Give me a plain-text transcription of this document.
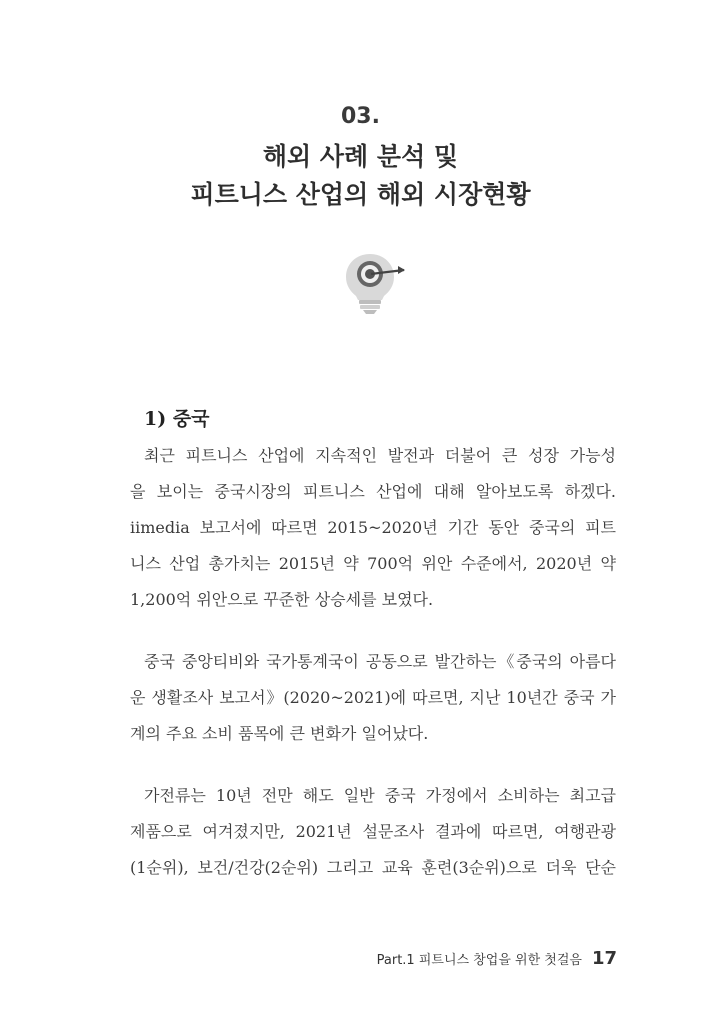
03.
해외 사례 분석 및
피트니스 산업의 해외 시장현황
1) 중국
최근 피트니스 산업에 지속적인 발전과 더불어 큰 성장 가능성
을 보이는 중국시장의 피트니스 산업에 대해 알아보도록 하겠다.
iimedia 보고서에 따르면 2015~2020년 기간 동안 중국의 피트
니스 산업 총가치는 2015년 약 700억 위안 수준에서, 2020년 약
1,200억 위안으로 꾸준한 상승세를 보였다.
중국 중앙티비와 국가통계국이 공동으로 발간하는《중국의 아름다
운 생활조사 보고서》(2020~2021)에 따르면, 지난 10년간 중국 가
계의 주요 소비 품목에 큰 변화가 일어났다.
가전류는 10년 전만 해도 일반 중국 가정에서 소비하는 최고급
제품으로 여겨졌지만, 2021년 설문조사 결과에 따르면, 여행관광
(1순위), 보건/건강(2순위) 그리고 교육 훈련(3순위)으로 더욱 단순
Part.1 피트니스 창업을 위한 첫걸음 17
